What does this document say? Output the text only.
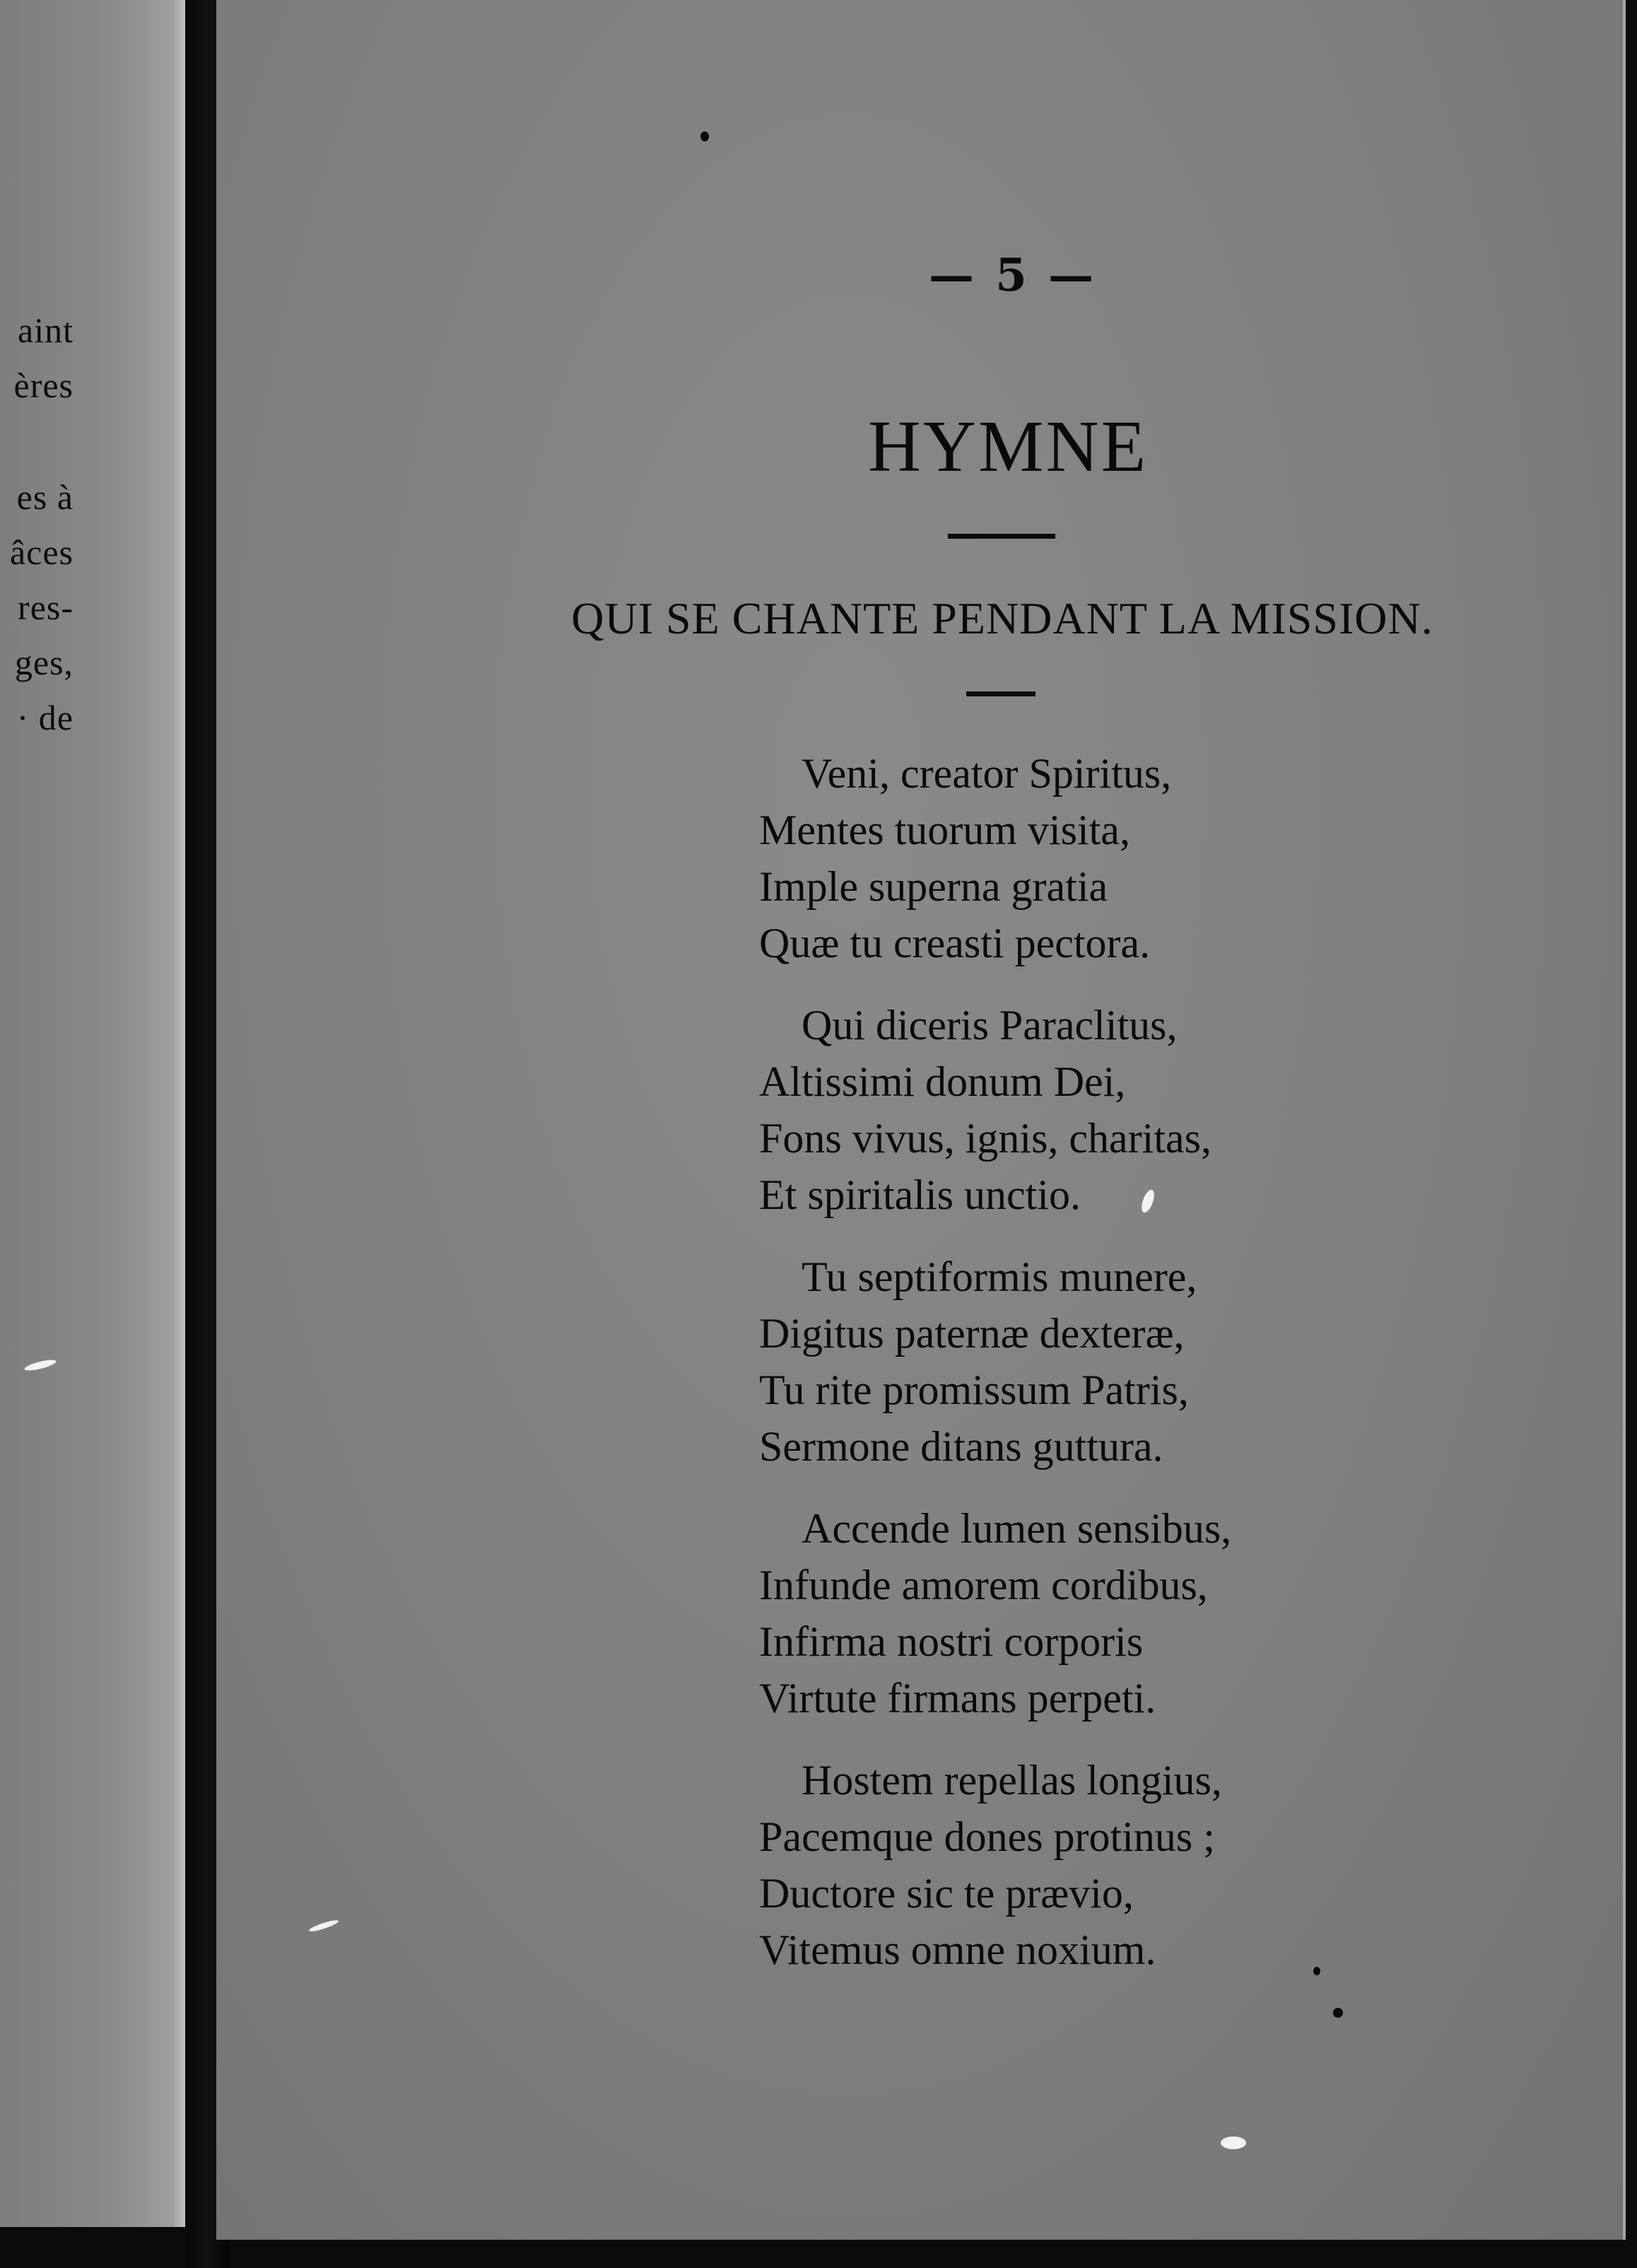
aint
ères
es à
âces
res-
ges,
· de
— 5 —
HYMNE
QUI SE CHANTE PENDANT LA MISSION.
Veni, creator Spiritus,
Mentes tuorum visita,
Imple superna gratia
Quæ tu creasti pectora.
Qui diceris Paraclitus,
Altissimi donum Dei,
Fons vivus, ignis, charitas,
Et spiritalis unctio.
Tu septiformis munere,
Digitus paternæ dexteræ,
Tu rite promissum Patris,
Sermone ditans guttura.
Accende lumen sensibus,
Infunde amorem cordibus,
Infirma nostri corporis
Virtute firmans perpeti.
Hostem repellas longius,
Pacemque dones protinus ;
Ductore sic te prævio,
Vitemus omne noxium.
